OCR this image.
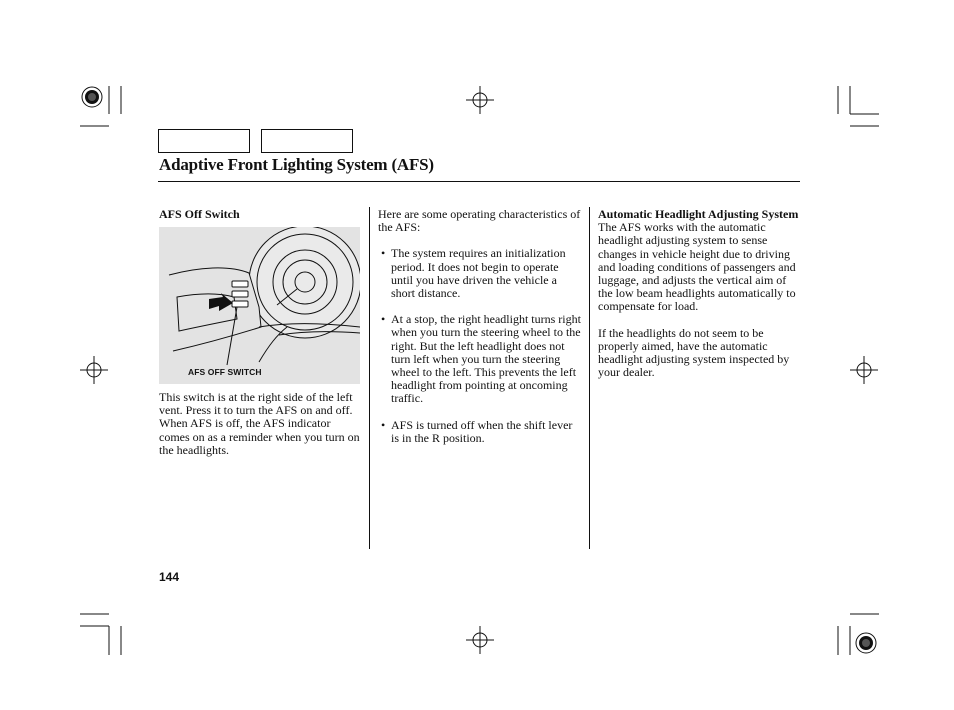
Adaptive Front Lighting System (AFS)

AFS Off Switch

AFS OFF SWITCH

This switch is at the right side of the left vent. Press it to turn the AFS on and off. When AFS is off, the AFS indicator comes on as a reminder when you turn on the headlights.

Here are some operating characteristics of the AFS:

• The system requires an initialization period. It does not begin to operate until you have driven the vehicle a short distance.
• At a stop, the right headlight turns right when you turn the steering wheel to the right. But the left headlight does not turn left when you turn the steering wheel to the left. This prevents the left headlight from pointing at oncoming traffic.
• AFS is turned off when the shift lever is in the R position.

Automatic Headlight Adjusting System

The AFS works with the automatic headlight adjusting system to sense changes in vehicle height due to driving and loading conditions of passengers and luggage, and adjusts the vertical aim of the low beam headlights automatically to compensate for load.

If the headlights do not seem to be properly aimed, have the automatic headlight adjusting system inspected by your dealer.

144
